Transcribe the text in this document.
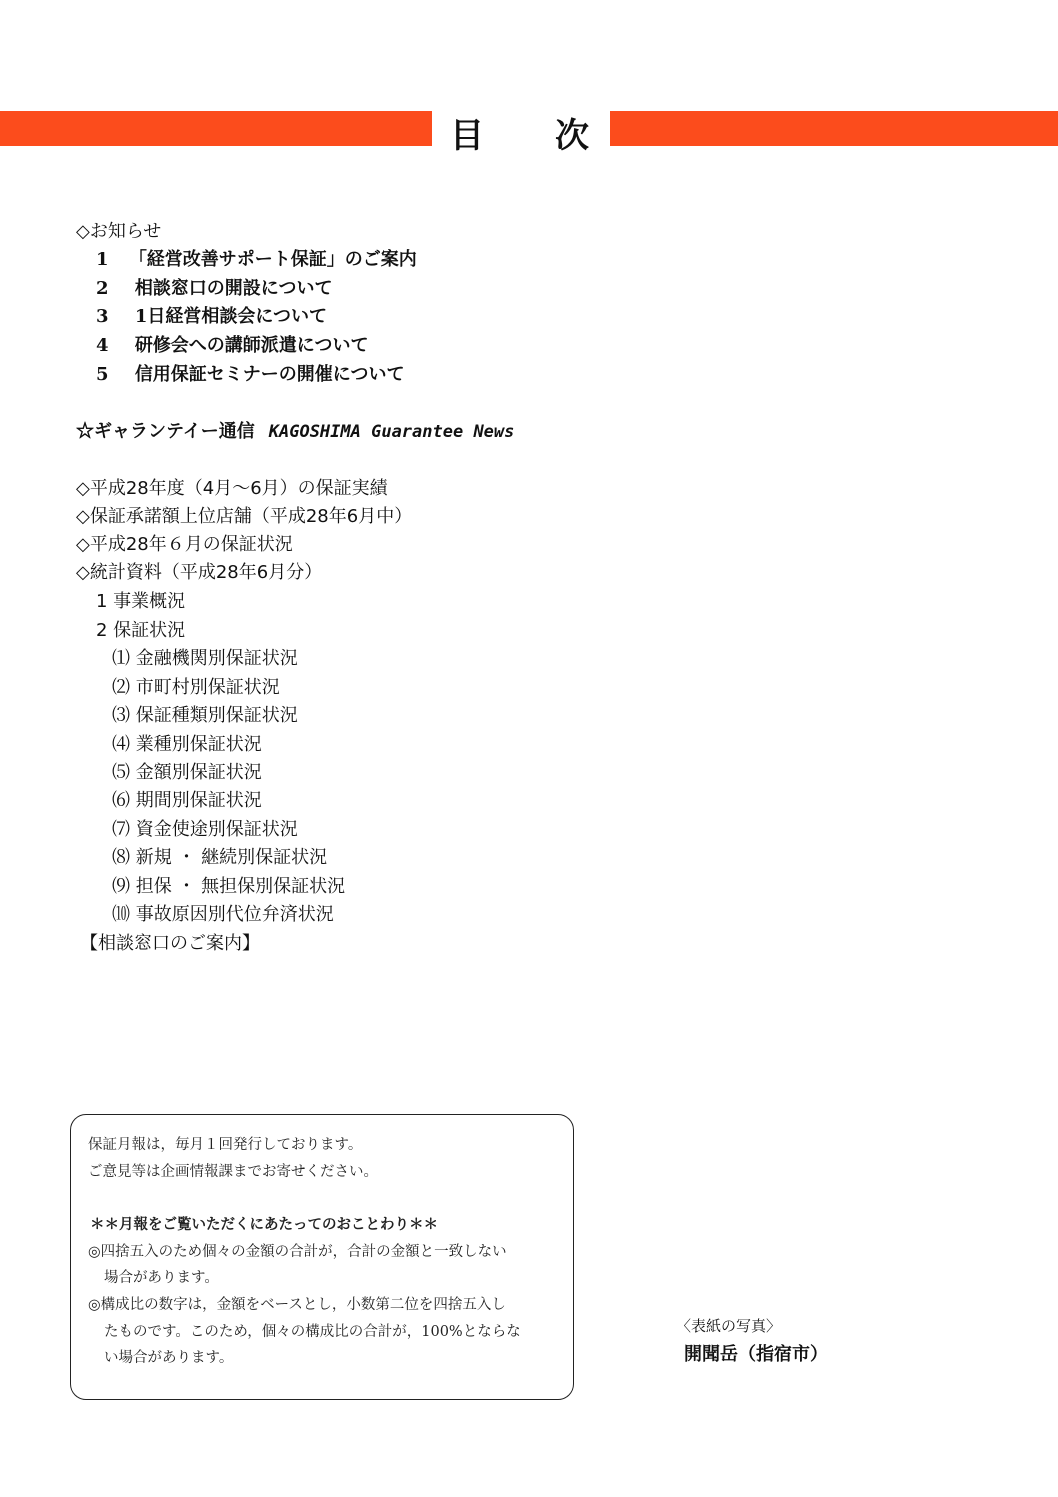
目 次
◇お知らせ
1 「経営改善サポート保証」のご案内
2 相談窓口の開設について
3 1日経営相談会について
4 研修会への講師派遣について
5 信用保証セミナーの開催について
☆ギャランテイー通信 KAGOSHIMA Guarantee News
◇平成28年度（4月～6月）の保証実績
◇保証承諾額上位店舗（平成28年6月中）
◇平成28年６月の保証状況
◇統計資料（平成28年6月分）
1 事業概況
2 保証状況
⑴ 金融機関別保証状況
⑵ 市町村別保証状況
⑶ 保証種類別保証状況
⑷ 業種別保証状況
⑸ 金額別保証状況
⑹ 期間別保証状況
⑺ 資金使途別保証状況
⑻ 新規 ・ 継続別保証状況
⑼ 担保 ・ 無担保別保証状況
⑽ 事故原因別代位弁済状況
【相談窓口のご案内】
保証月報は，毎月１回発行しております。
ご意見等は企画情報課までお寄せください。
＊＊月報をご覧いただくにあたってのおことわり＊＊
◎四捨五入のため個々の金額の合計が，合計の金額と一致しない
場合があります。
◎構成比の数字は，金額をベースとし，小数第二位を四捨五入し
たものです。このため，個々の構成比の合計が，100%とならな
い場合があります。
〈表紙の写真〉
開聞岳（指宿市）
